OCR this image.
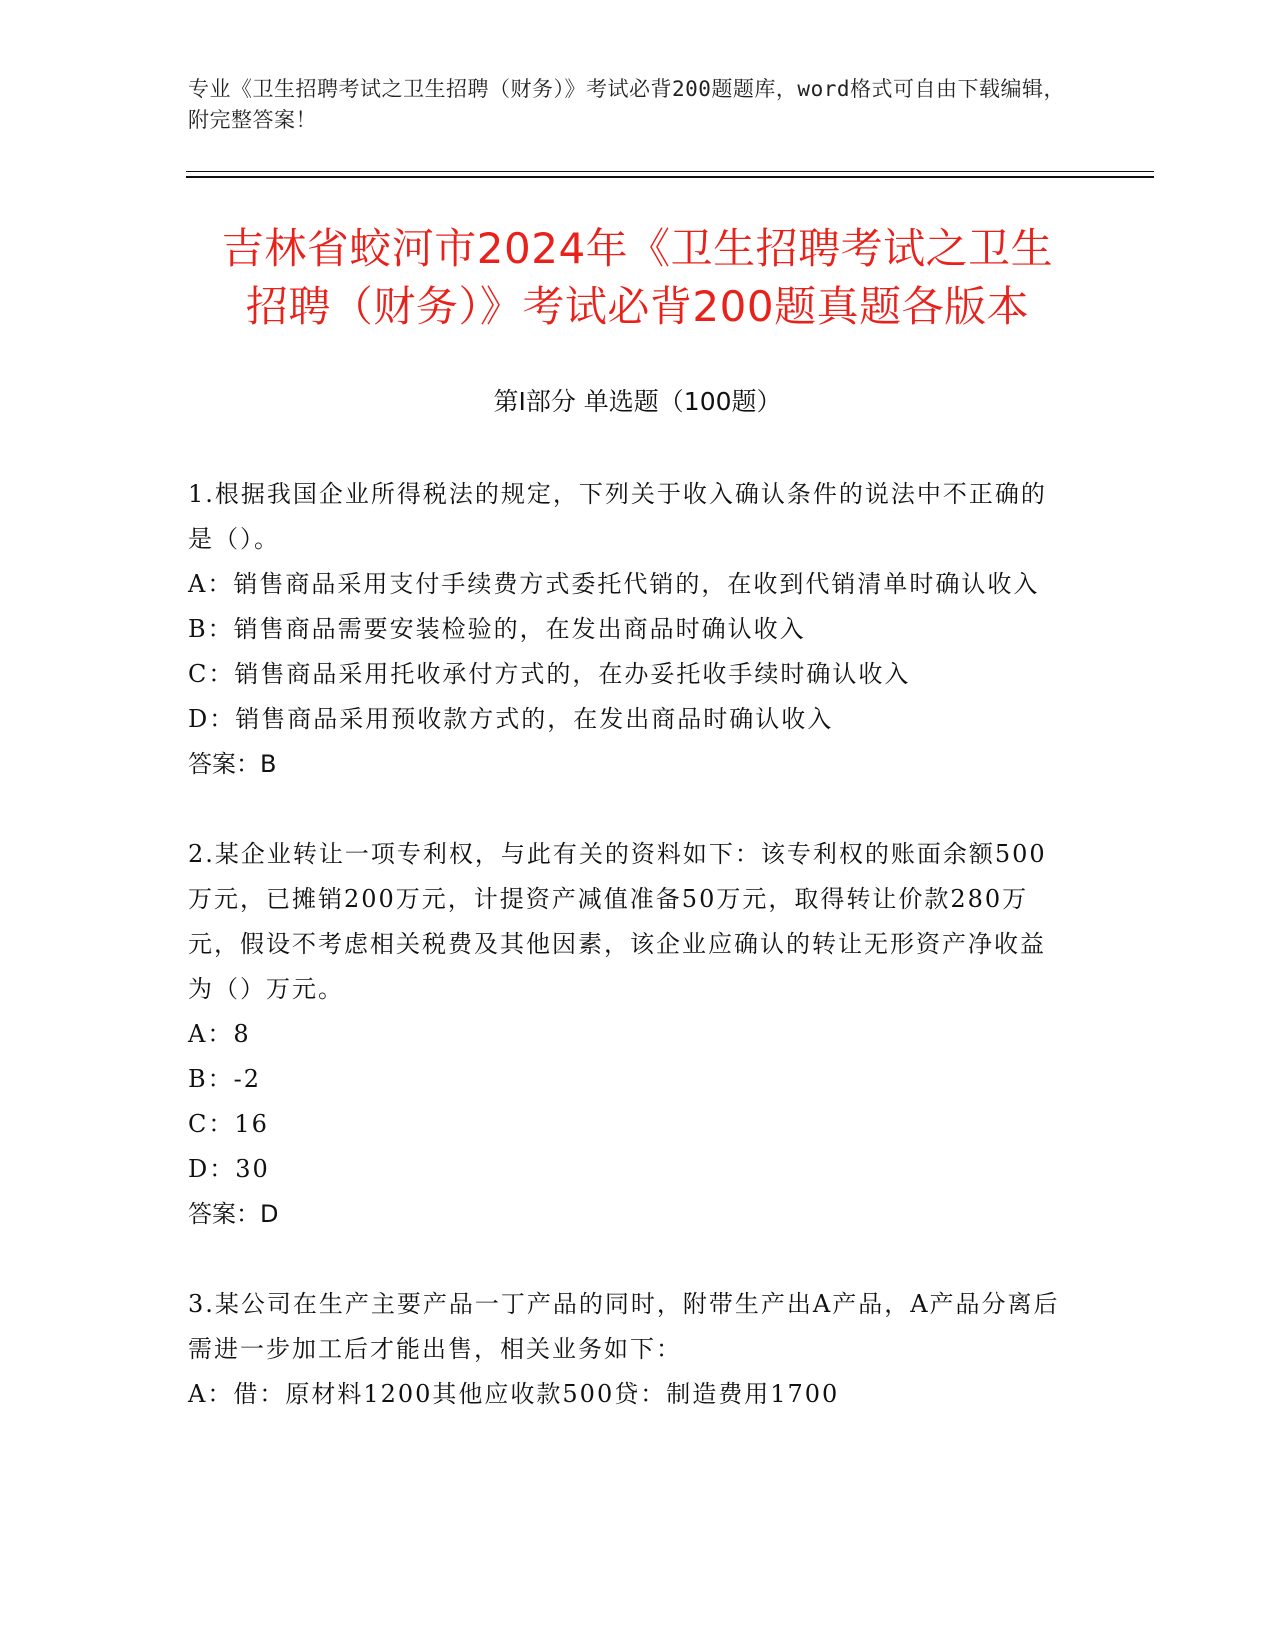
专业《卫生招聘考试之卫生招聘（财务）》考试必背200题题库，word格式可自由下载编辑，附完整答案！
吉林省蛟河市2024年《卫生招聘考试之卫生
招聘（财务）》考试必背200题真题各版本
第Ⅰ部分 单选题（100题）

1.根据我国企业所得税法的规定，下列关于收入确认条件的说法中不正确的是（）。

A：销售商品采用支付手续费方式委托代销的，在收到代销清单时确认收入

B：销售商品需要安装检验的，在发出商品时确认收入

C：销售商品采用托收承付方式的，在办妥托收手续时确认收入

D：销售商品采用预收款方式的，在发出商品时确认收入

答案：B

2.某企业转让一项专利权，与此有关的资料如下：该专利权的账面余额500万元，已摊销200万元，计提资产减值准备50万元，取得转让价款280万元，假设不考虑相关税费及其他因素，该企业应确认的转让无形资产净收益为（）万元。

A：8

B：-2

C：16

D：30

答案：D

3.某公司在生产主要产品一丁产品的同时，附带生产出A产品，A产品分离后需进一步加工后才能出售，相关业务如下：

A：借：原材料1200其他应收款500贷：制造费用1700
